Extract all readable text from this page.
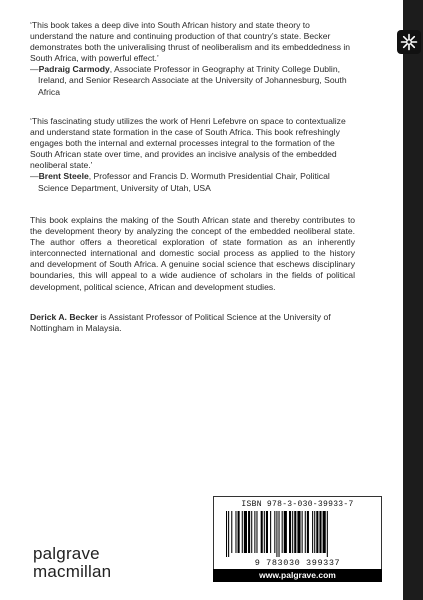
‘This book takes a deep dive into South African history and state theory to understand the nature and continuing production of that country’s state. Becker demonstrates both the univeralising thrust of neoliberalism and its embeddedness in South Africa, with powerful effect.’

—Padraig Carmody, Associate Professor in Geography at Trinity College Dublin, Ireland, and Senior Research Associate at the University of Johannesburg, South Africa

‘This fascinating study utilizes the work of Henri Lefebvre on space to contextualize and understand state formation in the case of South Africa. This book refreshingly engages both the internal and external processes integral to the formation of the South African state over time, and provides an incisive analysis of the embedded neoliberal state.’

—Brent Steele, Professor and Francis D. Wormuth Presidential Chair, Political Science Department, University of Utah, USA

This book explains the making of the South African state and thereby contributes to the development theory by analyzing the concept of the embedded neoliberal state. The author offers a theoretical exploration of state formation as an inherently interconnected international and domestic social process as applied to the history and development of South Africa. A genuine social science that eschews disciplinary boundaries, this will appeal to a wide audience of scholars in the fields of political development, political science, African and development studies.
Derick A. Becker is Assistant Professor of Political Science at the University of Nottingham in Malaysia.
palgrave
macmillan
ISBN 978-3-030-39933-7
9 783030 399337
www.palgrave.com
